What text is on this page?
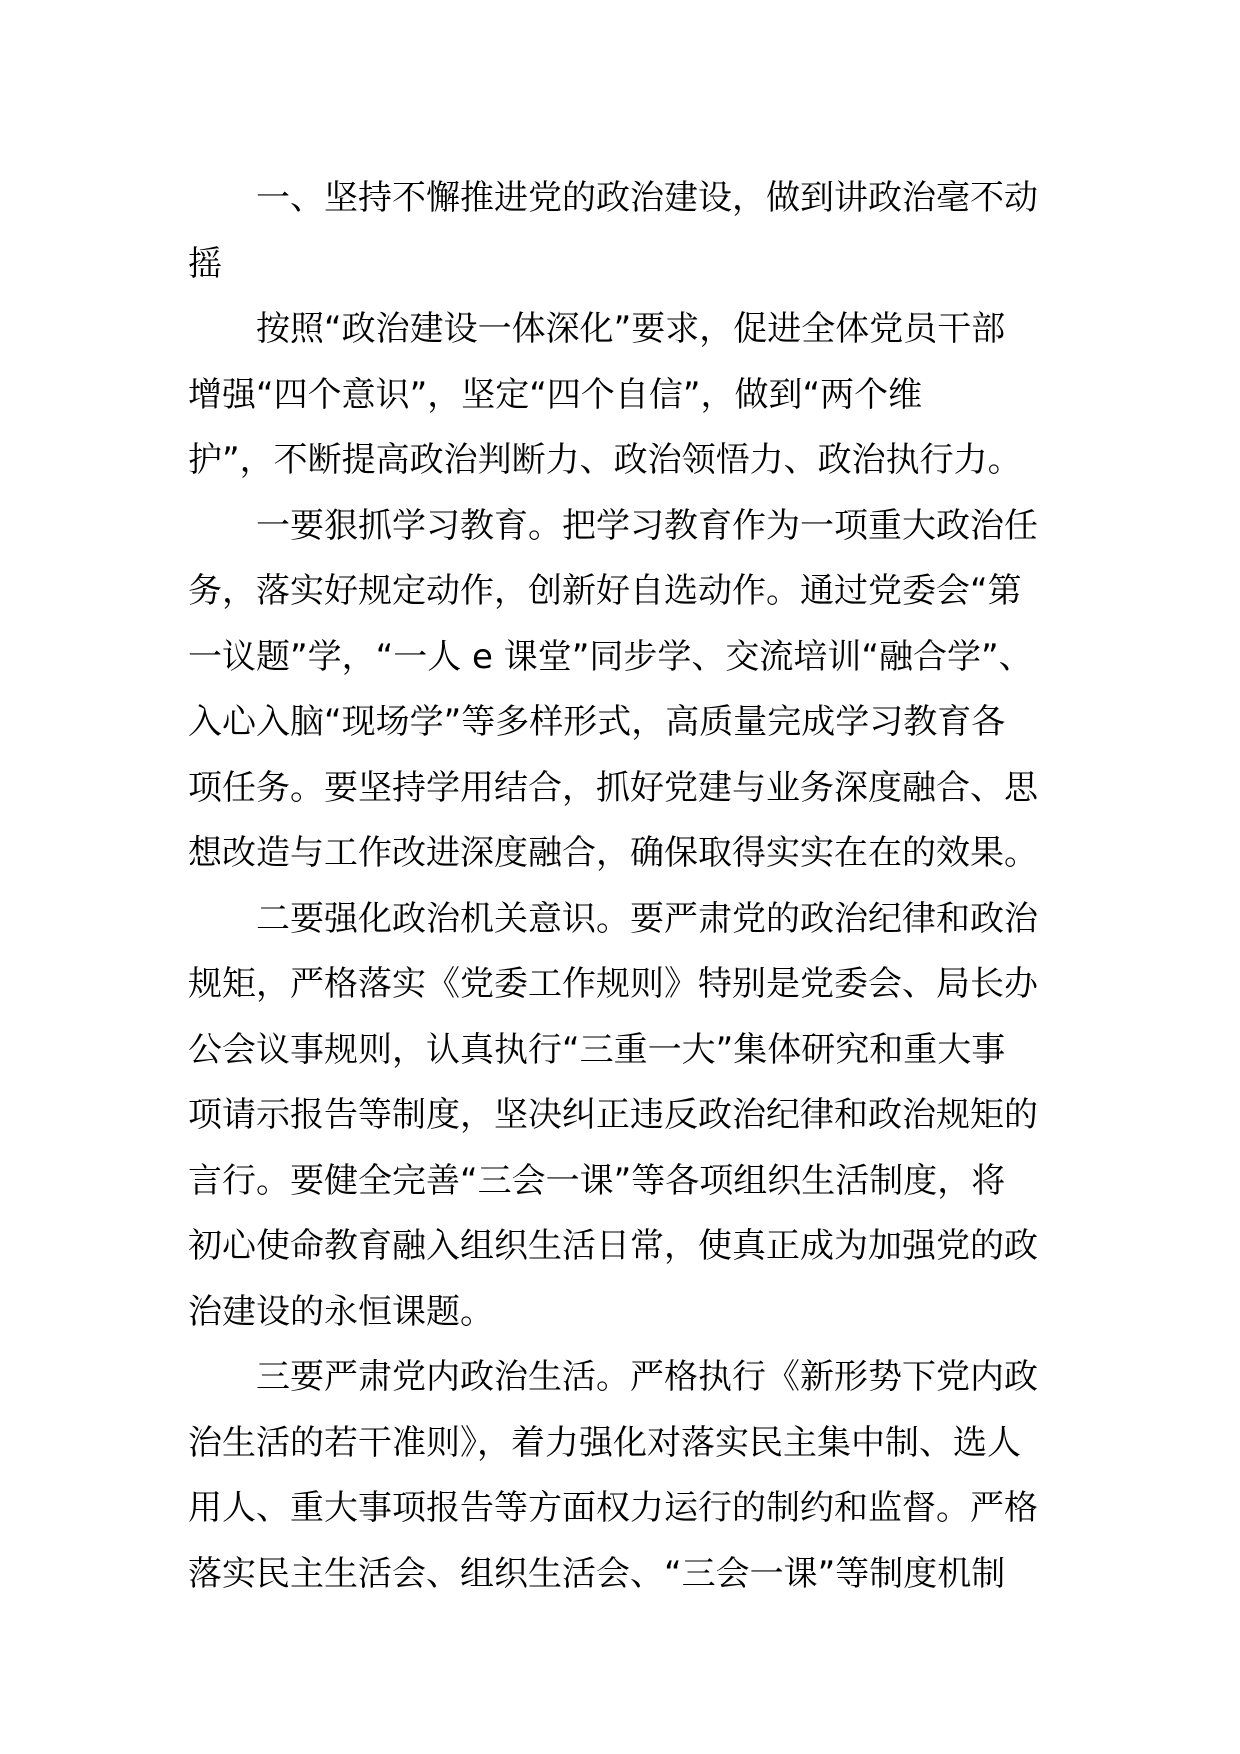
一、坚持不懈推进党的政治建设，做到讲政治毫不动
摇
按照“政治建设一体深化”要求，促进全体党员干部
增强“四个意识”，坚定“四个自信”，做到“两个维
护”，不断提高政治判断力、政治领悟力、政治执行力。
一要狠抓学习教育。把学习教育作为一项重大政治任
务，落实好规定动作，创新好自选动作。通过党委会“第
一议题”学，“一人 e 课堂”同步学、交流培训“融合学”、
入心入脑“现场学”等多样形式，高质量完成学习教育各
项任务。要坚持学用结合，抓好党建与业务深度融合、思
想改造与工作改进深度融合，确保取得实实在在的效果。
二要强化政治机关意识。要严肃党的政治纪律和政治
规矩，严格落实《党委工作规则》特别是党委会、局长办
公会议事规则，认真执行“三重一大”集体研究和重大事
项请示报告等制度，坚决纠正违反政治纪律和政治规矩的
言行。要健全完善“三会一课”等各项组织生活制度，将
初心使命教育融入组织生活日常，使真正成为加强党的政
治建设的永恒课题。
三要严肃党内政治生活。严格执行《新形势下党内政
治生活的若干准则》，着力强化对落实民主集中制、选人
用人、重大事项报告等方面权力运行的制约和监督。严格
落实民主生活会、组织生活会、“三会一课”等制度机制
